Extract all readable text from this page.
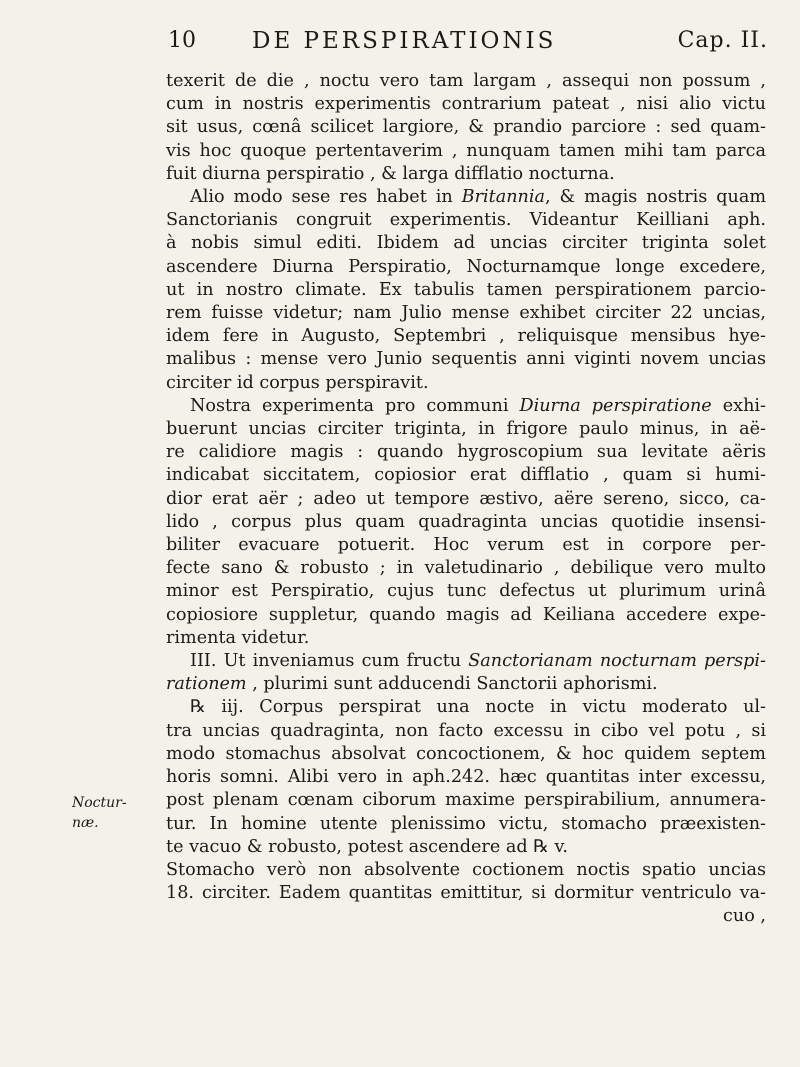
10 DE PERSPIRATIONIS	Cap. II.
Noctur-
næ.
texerit de die , noctu vero tam largam , assequi non possum ,
cum in nostris experimentis contrarium pateat , nisi alio victu
sit usus, cœnâ scilicet largiore, & prandio parciore : sed quam-
vis hoc quoque pertentaverim , nunquam tamen mihi tam parca
fuit diurna perspiratio , & larga difflatio nocturna.
Alio modo sese res habet in Britannia, & magis nostris quam
Sanctorianis congruit experimentis. Videantur Keilliani aph.
à nobis simul editi. Ibidem ad uncias circiter triginta solet
ascendere Diurna Perspiratio, Nocturnamque longe excedere,
ut in nostro climate. Ex tabulis tamen perspirationem parcio-
rem fuisse videtur; nam Julio mense exhibet circiter 22 uncias,
idem fere in Augusto, Septembri , reliquisque mensibus hye-
malibus : mense vero Junio sequentis anni viginti novem uncias
circiter id corpus perspiravit.
Nostra experimenta pro communi Diurna perspiratione exhi-
buerunt uncias circiter triginta, in frigore paulo minus, in aë-
re calidiore magis : quando hygroscopium sua levitate aëris
indicabat siccitatem, copiosior erat difflatio , quam si humi-
dior erat aër ; adeo ut tempore æstivo, aëre sereno, sicco, ca-
lido , corpus plus quam quadraginta uncias quotidie insensi-
biliter evacuare potuerit. Hoc verum est in corpore per-
fecte sano & robusto ; in valetudinario , debilique vero multo
minor est Perspiratio, cujus tunc defectus ut plurimum urinâ
copiosiore suppletur, quando magis ad Keiliana accedere expe-
rimenta videtur.
III. Ut inveniamus cum fructu Sanctorianam nocturnam perspi-
rationem , plurimi sunt adducendi Sanctorii aphorismi.
℞ iij. Corpus perspirat una nocte in victu moderato ul-
tra uncias quadraginta, non facto excessu in cibo vel potu , si
modo stomachus absolvat concoctionem, & hoc quidem septem
horis somni. Alibi vero in aph.242. hæc quantitas inter excessu,
post plenam cœnam ciborum maxime perspirabilium, annumera-
tur. In homine utente plenissimo victu, stomacho præexisten-
te vacuo & robusto, potest ascendere ad ℞ v.
Stomacho verò non absolvente coctionem noctis spatio uncias
18. circiter. Eadem quantitas emittitur, si dormitur ventriculo va-
cuo ,
